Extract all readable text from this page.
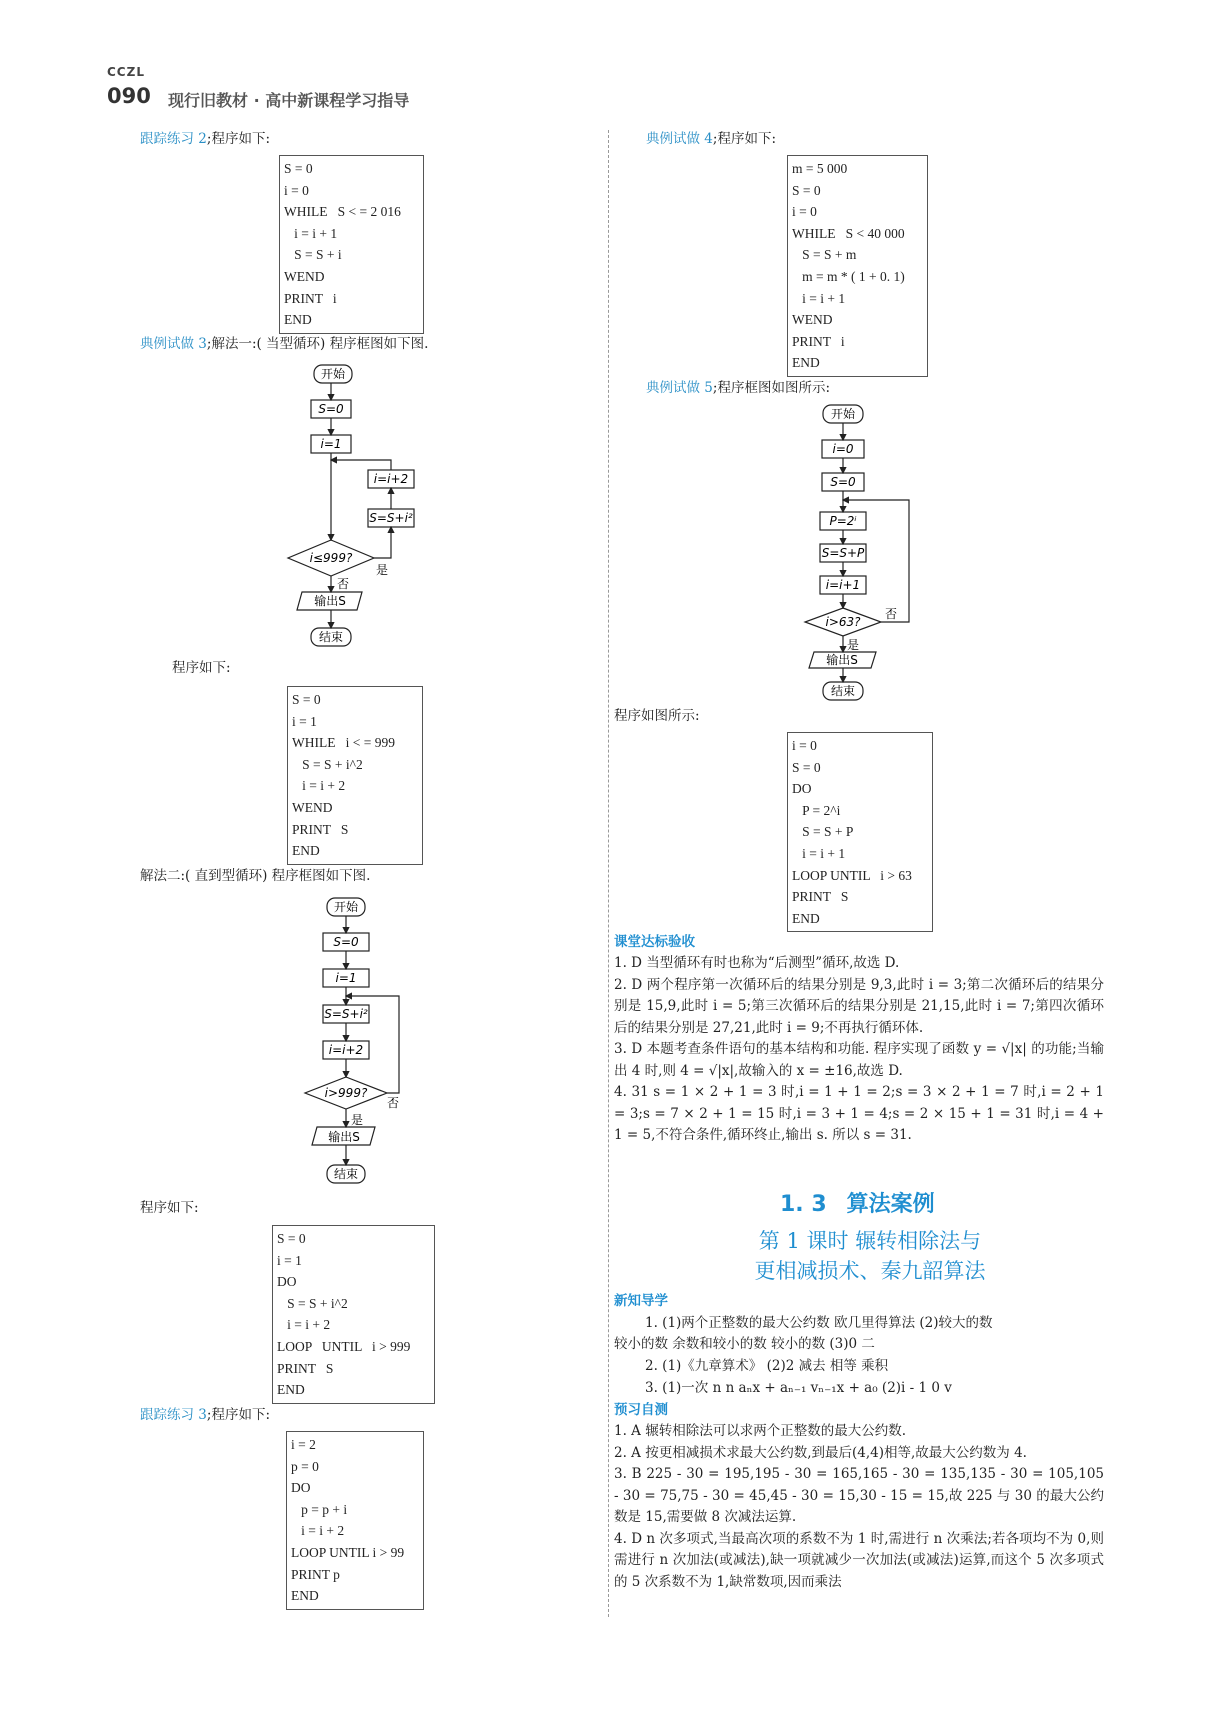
CCZL
090 现行旧教材 · 高中新课程学习指导
跟踪练习 2;程序如下:
S = 0
i = 0
WHILE   S < = 2 016
i = i + 1
S = S + i
WEND
PRINT   i
END
典例试做 3;解法一:( 当型循环) 程序框图如下图.
开始
S=0
i=1
i=i+2
S=S+i²
i≤999?
是
否
输出S
结束
程序如下:
S = 0
i = 1
WHILE   i < = 999
S = S + i^2
i = i + 2
WEND
PRINT   S
END
解法二:( 直到型循环) 程序框图如下图.
开始
S=0
i=1
S=S+i²
i=i+2
i>999?
是
否
输出S
结束
程序如下:
S = 0
i = 1
DO
S = S + i^2
i = i + 2
LOOP   UNTIL   i > 999
PRINT   S
END
跟踪练习 3;程序如下:
i = 2
p = 0
DO
p = p + i
i = i + 2
LOOP UNTIL i > 99
PRINT p
END
典例试做 4;程序如下:
m = 5 000
S = 0
i = 0
WHILE   S < 40 000
S = S + m
m = m * ( 1 + 0. 1)
i = i + 1
WEND
PRINT   i
END
典例试做 5;程序框图如图所示:
开始
i=0
S=0
P=2ⁱ
S=S+P
i=i+1
i>63?
是
否
输出S
结束
程序如图所示:
i = 0
S = 0
DO
P = 2^i
S = S + P
i = i + 1
LOOP UNTIL   i > 63
PRINT   S
END
课堂达标验收

1. D 当型循环有时也称为“后测型”循环,故选 D.

2. D 两个程序第一次循环后的结果分别是 9,3,此时 i = 3;第二次循环后的结果分别是 15,9,此时 i = 5;第三次循环后的结果分别是 21,15,此时 i = 7;第四次循环后的结果分别是 27,21,此时 i = 9;不再执行循环体.

3. D 本题考查条件语句的基本结构和功能. 程序实现了函数 y = √|x| 的功能;当输出 4 时,则 4 = √|x|,故输入的 x = ±16,故选 D.

4. 31 s = 1 × 2 + 1 = 3 时,i = 1 + 1 = 2;s = 3 × 2 + 1 = 7 时,i = 2 + 1 = 3;s = 7 × 2 + 1 = 15 时,i = 3 + 1 = 4;s = 2 × 15 + 1 = 31 时,i = 4 + 1 = 5,不符合条件,循环终止,输出 s. 所以 s = 31.

1. 3 算法案例
第 1 课时 辗转相除法与
更相减损术、秦九韶算法
新知导学
1. (1)两个正整数的最大公约数 欧几里得算法 (2)较大的数
较小的数 余数和较小的数 较小的数 (3)0 二
2. (1)《九章算术》 (2)2 减去 相等 乘积
3. (1)一次 n n aₙx + aₙ₋₁ vₙ₋₁x + a₀ (2)i - 1 0 v
预习自测

1. A 辗转相除法可以求两个正整数的最大公约数.

2. A 按更相减损术求最大公约数,到最后(4,4)相等,故最大公约数为 4.

3. B 225 - 30 = 195,195 - 30 = 165,165 - 30 = 135,135 - 30 = 105,105 - 30 = 75,75 - 30 = 45,45 - 30 = 15,30 - 15 = 15,故 225 与 30 的最大公约数是 15,需要做 8 次减法运算.

4. D n 次多项式,当最高次项的系数不为 1 时,需进行 n 次乘法;若各项均不为 0,则需进行 n 次加法(或减法),缺一项就减少一次加法(或减法)运算,而这个 5 次多项式的 5 次系数不为 1,缺常数项,因而乘法
